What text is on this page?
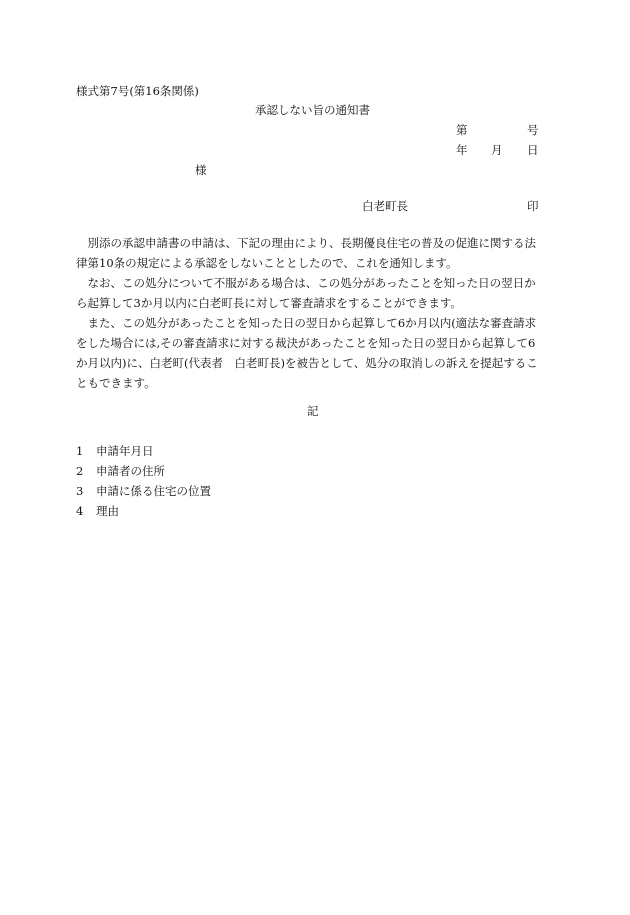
様式第7号(第16条関係)
承認しない旨の通知書
第	号
年 月 日
様
白老町長	印
　別添の承認申請書の申請は、下記の理由により、長期優良住宅の普及の促進に関する法
律第10条の規定による承認をしないこととしたので、これを通知します。
　なお、この処分について不服がある場合は、この処分があったことを知った日の翌日か
ら起算して3か月以内に白老町長に対して審査請求をすることができます。
　また、この処分があったことを知った日の翌日から起算して6か月以内(適法な審査請求
をした場合には,その審査請求に対する裁決があったことを知った日の翌日から起算して6
か月以内)に、白老町(代表者　白老町長)を被告として、処分の取消しの訴えを提起するこ
ともできます。
記
1 申請年月日
2 申請者の住所
3 申請に係る住宅の位置
4 理由
